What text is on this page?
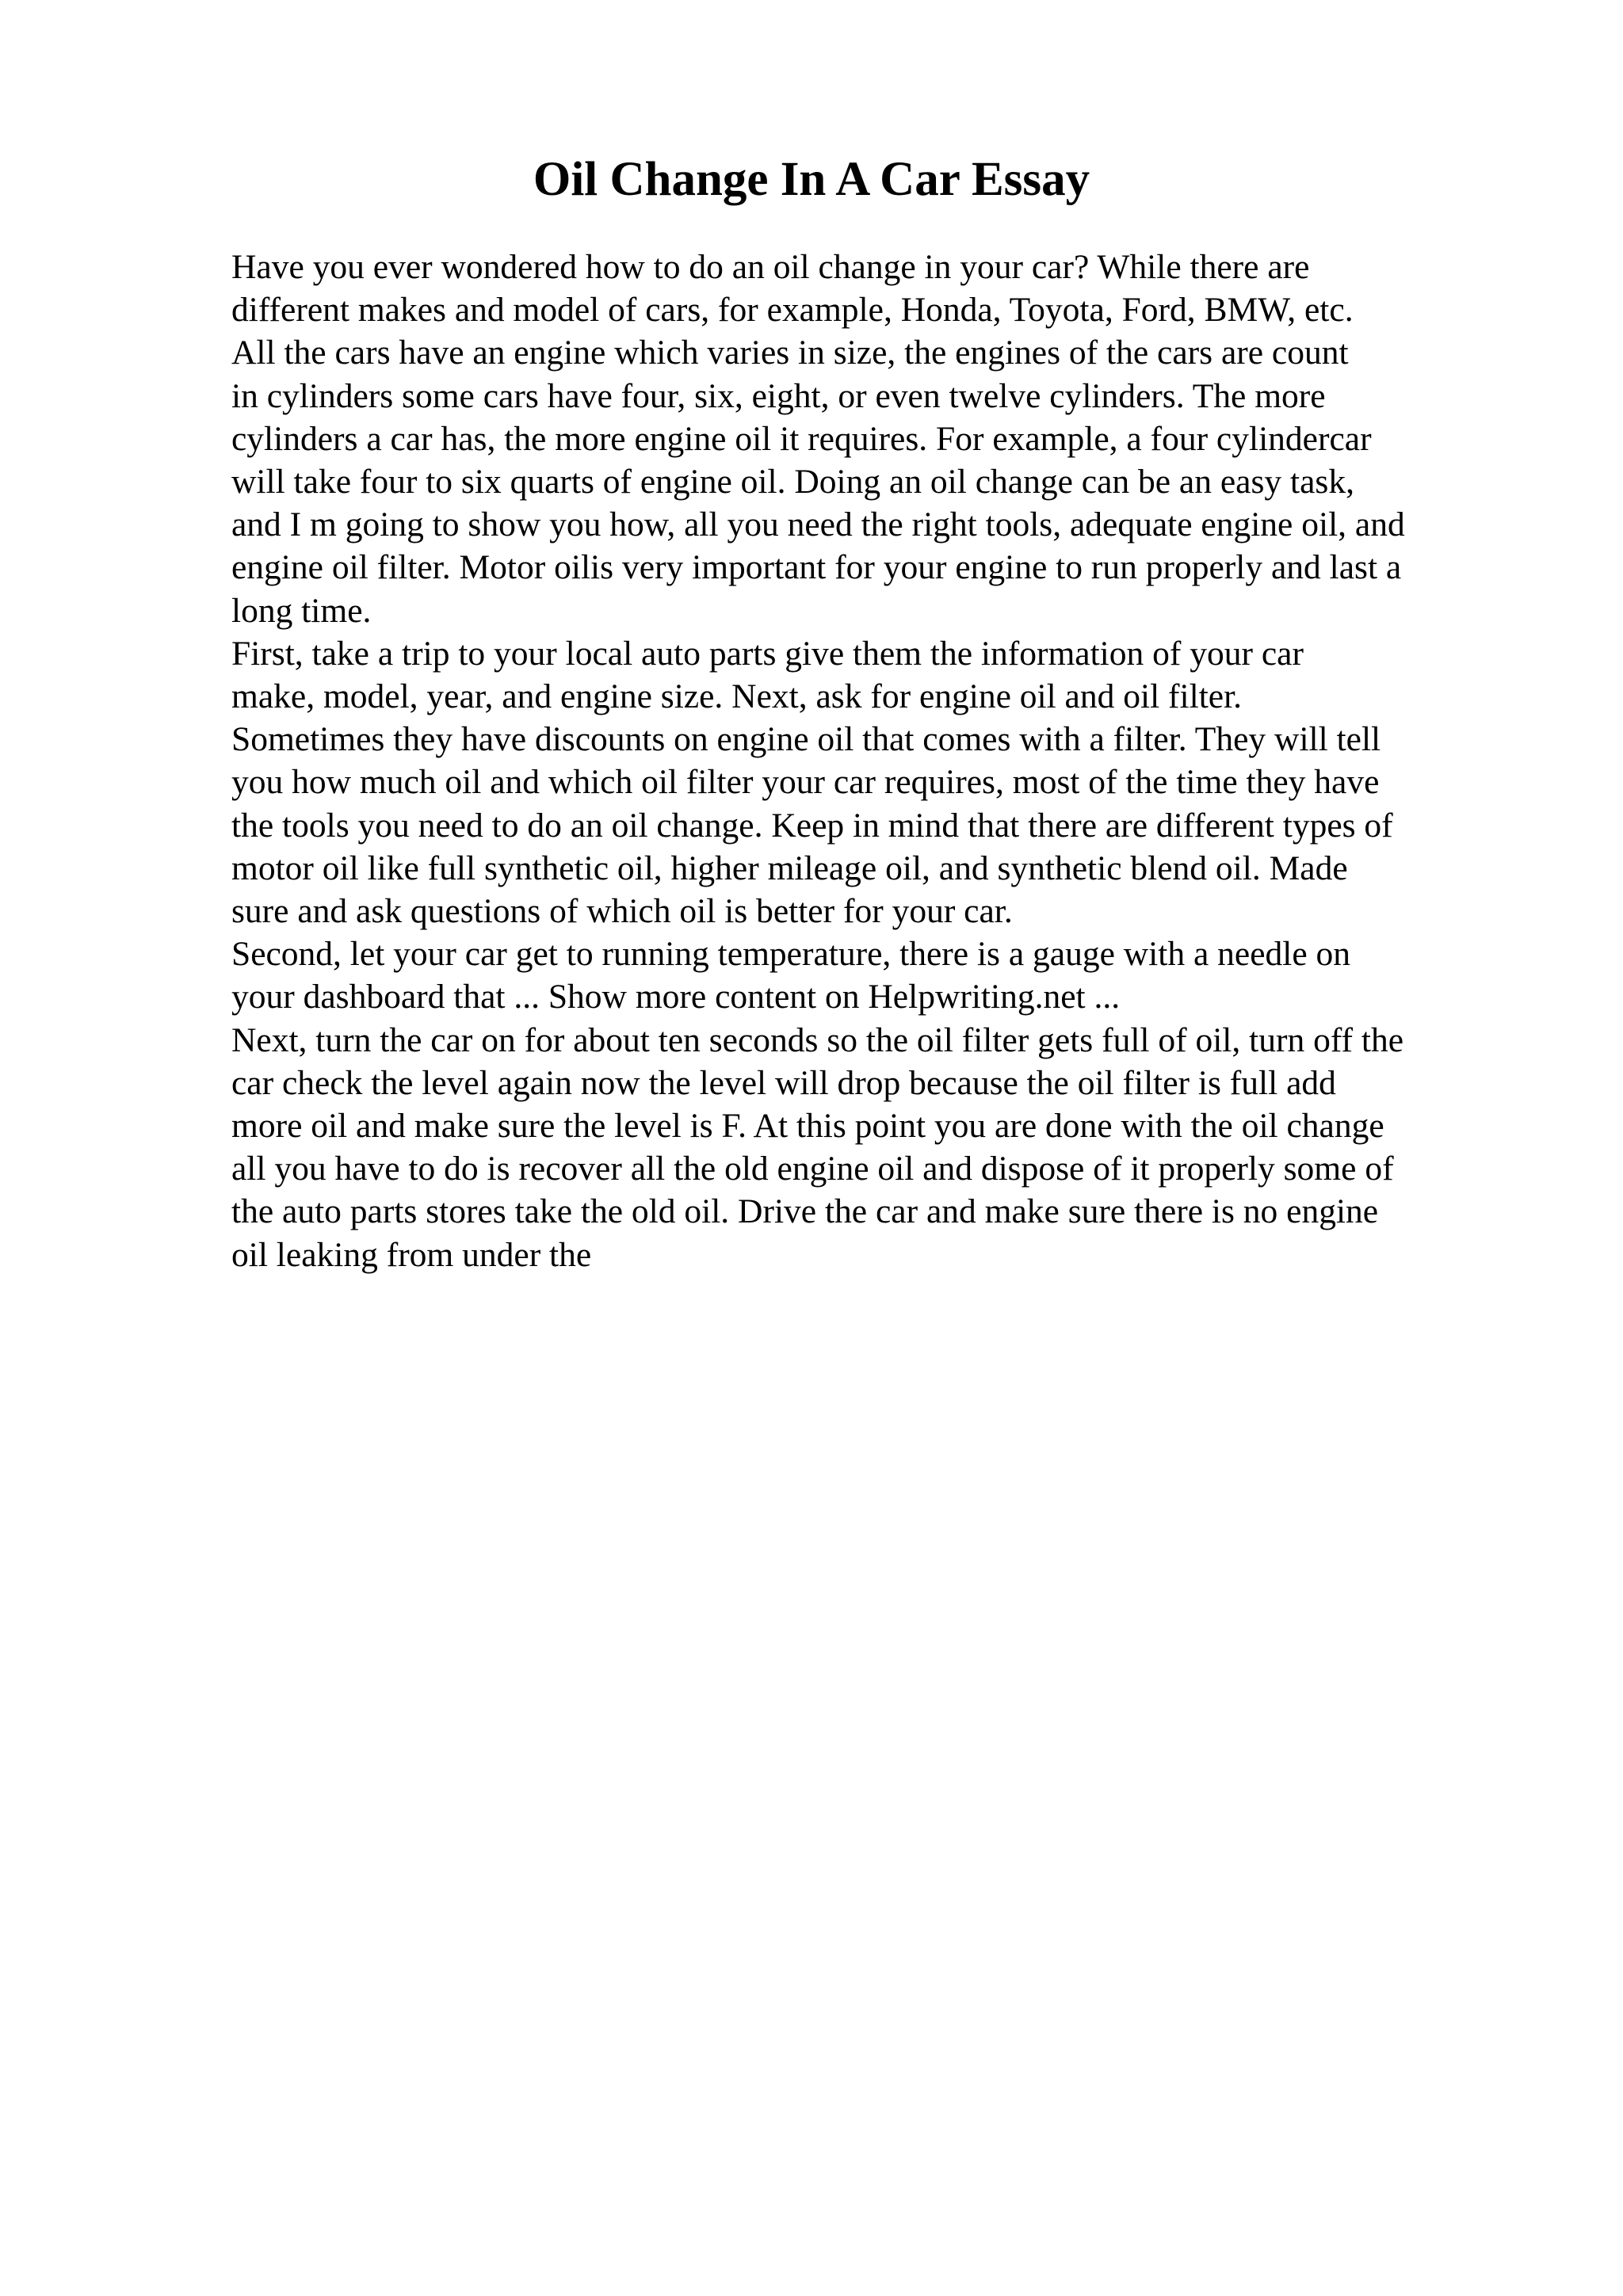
Oil Change In A Car Essay
Have you ever wondered how to do an oil change in your car? While there are
different makes and model of cars, for example, Honda, Toyota, Ford, BMW, etc.
All the cars have an engine which varies in size, the engines of the cars are count
in cylinders some cars have four, six, eight, or even twelve cylinders. The more
cylinders a car has, the more engine oil it requires. For example, a four cylindercar
will take four to six quarts of engine oil. Doing an oil change can be an easy task,
and I m going to show you how, all you need the right tools, adequate engine oil, and
engine oil filter. Motor oilis very important for your engine to run properly and last a
long time.
First, take a trip to your local auto parts give them the information of your car
make, model, year, and engine size. Next, ask for engine oil and oil filter.
Sometimes they have discounts on engine oil that comes with a filter. They will tell
you how much oil and which oil filter your car requires, most of the time they have
the tools you need to do an oil change. Keep in mind that there are different types of
motor oil like full synthetic oil, higher mileage oil, and synthetic blend oil. Made
sure and ask questions of which oil is better for your car.
Second, let your car get to running temperature, there is a gauge with a needle on
your dashboard that ... Show more content on Helpwriting.net ...
Next, turn the car on for about ten seconds so the oil filter gets full of oil, turn off the
car check the level again now the level will drop because the oil filter is full add
more oil and make sure the level is F. At this point you are done with the oil change
all you have to do is recover all the old engine oil and dispose of it properly some of
the auto parts stores take the old oil. Drive the car and make sure there is no engine
oil leaking from under the
